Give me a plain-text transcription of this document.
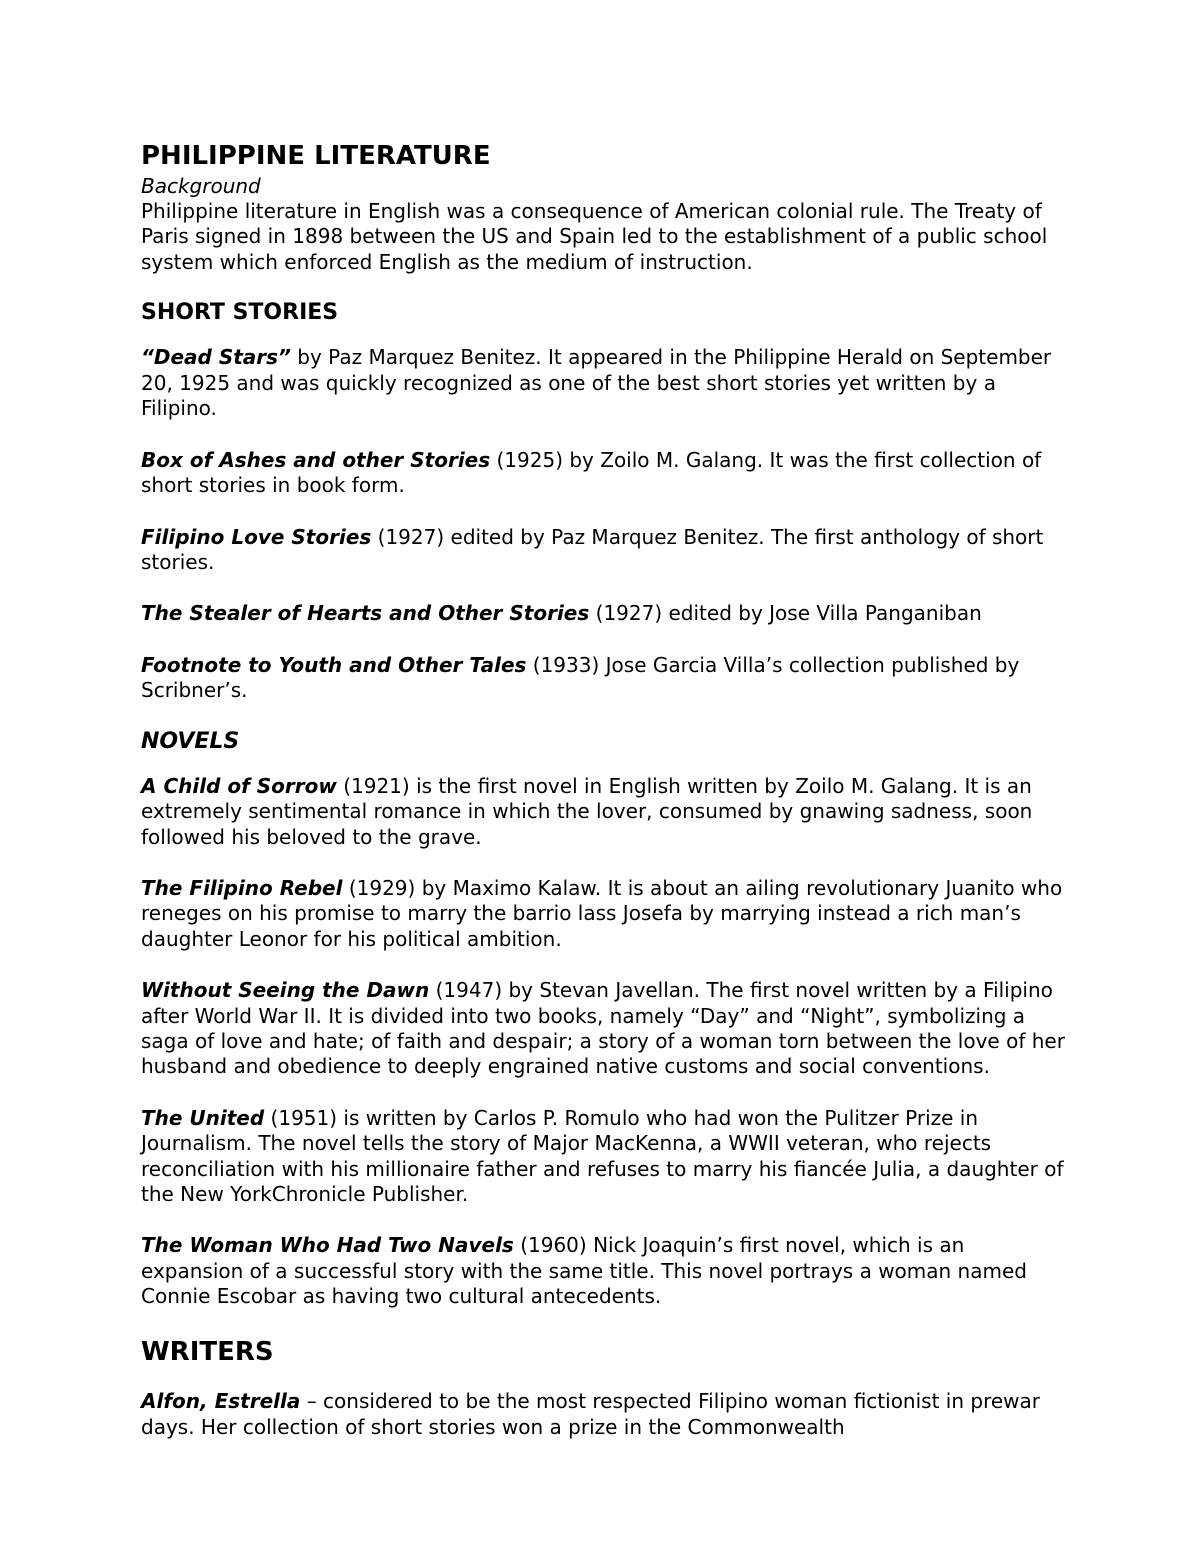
PHILIPPINE LITERATURE

Background

Philippine literature in English was a consequence of American colonial rule. The Treaty of Paris signed in 1898 between the US and Spain led to the establishment of a public school system which enforced English as the medium of instruction.

SHORT STORIES

“Dead Stars” by Paz Marquez Benitez. It appeared in the Philippine Herald on September 20, 1925 and was quickly recognized as one of the best short stories yet written by a Filipino.

Box of Ashes and other Stories (1925) by Zoilo M. Galang. It was the first collection of short stories in book form.

Filipino Love Stories (1927) edited by Paz Marquez Benitez. The first anthology of short stories.

The Stealer of Hearts and Other Stories (1927) edited by Jose Villa Panganiban

Footnote to Youth and Other Tales (1933) Jose Garcia Villa’s collection published by Scribner’s.

NOVELS

A Child of Sorrow (1921) is the first novel in English written by Zoilo M. Galang. It is an extremely sentimental romance in which the lover, consumed by gnawing sadness, soon followed his beloved to the grave.

The Filipino Rebel (1929) by Maximo Kalaw. It is about an ailing revolutionary Juanito who reneges on his promise to marry the barrio lass Josefa by marrying instead a rich man’s daughter Leonor for his political ambition.

Without Seeing the Dawn (1947) by Stevan Javellan. The first novel written by a Filipino after World War II. It is divided into two books, namely “Day” and “Night”, symbolizing a saga of love and hate; of faith and despair; a story of a woman torn between the love of her husband and obedience to deeply engrained native customs and social conventions.

The United (1951) is written by Carlos P. Romulo who had won the Pulitzer Prize in Journalism. The novel tells the story of Major MacKenna, a WWII veteran, who rejects reconciliation with his millionaire father and refuses to marry his fiancée Julia, a daughter of the New YorkChronicle Publisher.

The Woman Who Had Two Navels (1960) Nick Joaquin’s first novel, which is an expansion of a successful story with the same title. This novel portrays a woman named Connie Escobar as having two cultural antecedents.

WRITERS

Alfon, Estrella – considered to be the most respected Filipino woman fictionist in prewar days. Her collection of short stories won a prize in the Commonwealth
